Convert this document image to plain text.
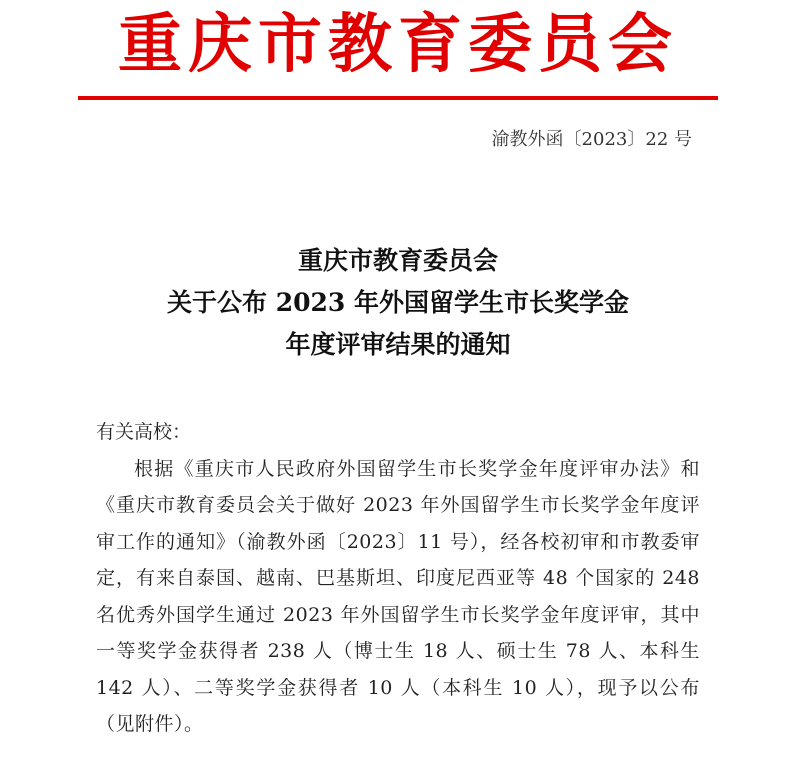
重庆市教育委员会
渝教外函〔2023〕22 号
重庆市教育委员会
关于公布 2023 年外国留学生市长奖学金
年度评审结果的通知
有关高校：
根据《重庆市人民政府外国留学生市长奖学金年度评审办法》和《重庆市教育委员会关于做好 2023 年外国留学生市长奖学金年度评审工作的通知》（渝教外函〔2023〕11 号），经各校初审和市教委审定，有来自泰国、越南、巴基斯坦、印度尼西亚等 48 个国家的 248 名优秀外国学生通过 2023 年外国留学生市长奖学金年度评审，其中一等奖学金获得者 238 人（博士生 18 人、硕士生 78 人、本科生 142 人）、二等奖学金获得者 10 人（本科生 10 人），现予以公布（见附件）。
